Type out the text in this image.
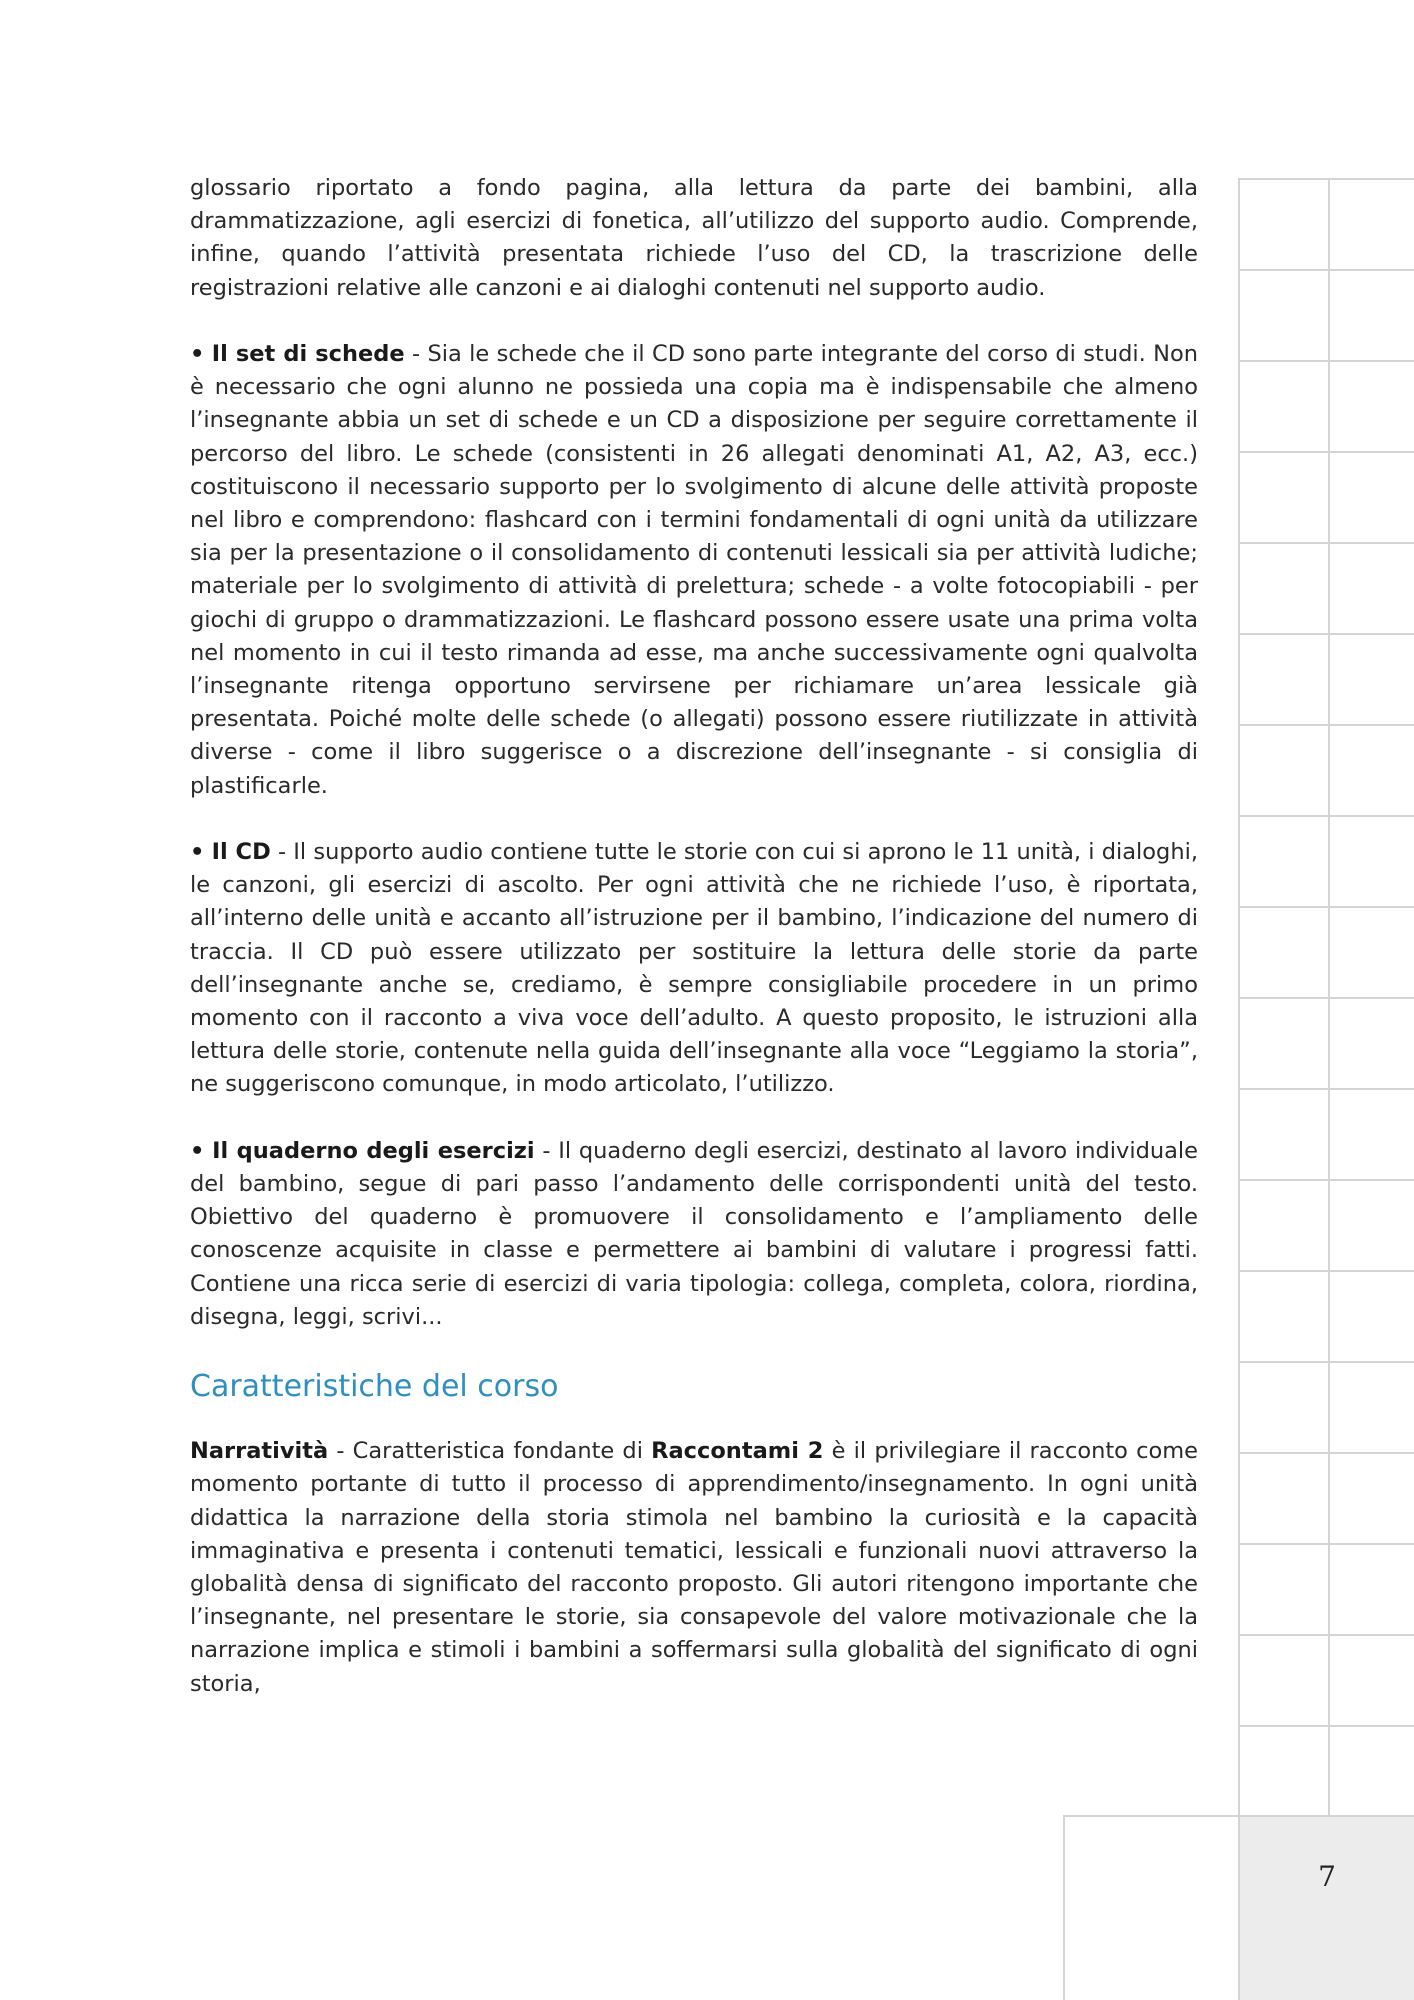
7

glossario riportato a fondo pagina, alla lettura da parte dei bambini, alla drammatizzazione, agli esercizi di fonetica, all’utilizzo del supporto audio. Comprende, infine, quando l’attività presentata richiede l’uso del CD, la trascrizione delle registrazioni relative alle canzoni e ai dialoghi contenuti nel supporto audio.

• Il set di schede - Sia le schede che il CD sono parte integrante del corso di studi. Non è necessario che ogni alunno ne possieda una copia ma è indispensabile che almeno l’insegnante abbia un set di schede e un CD a disposizione per seguire correttamente il percorso del libro. Le schede (consistenti in 26 allegati denominati A1, A2, A3, ecc.) costituiscono il necessario supporto per lo svolgimento di alcune delle attività proposte nel libro e comprendono: flashcard con i termini fondamentali di ogni unità da utilizzare sia per la presentazione o il consolidamento di contenuti lessicali sia per attività ludiche; materiale per lo svolgimento di attività di prelettura; schede - a volte fotocopiabili - per giochi di gruppo o drammatizzazioni. Le flashcard possono essere usate una prima volta nel momento in cui il testo rimanda ad esse, ma anche successivamente ogni qualvolta l’insegnante ritenga opportuno servirsene per richiamare un’area lessicale già presentata. Poiché molte delle schede (o allegati) possono essere riutilizzate in attività diverse - come il libro suggerisce o a discrezione dell’insegnante - si consiglia di plastificarle.

• Il CD - Il supporto audio contiene tutte le storie con cui si aprono le 11 unità, i dialoghi, le canzoni, gli esercizi di ascolto. Per ogni attività che ne richiede l’uso, è riportata, all’interno delle unità e accanto all’istruzione per il bambino, l’indicazione del numero di traccia. Il CD può essere utilizzato per sostituire la lettura delle storie da parte dell’insegnante anche se, crediamo, è sempre consigliabile procedere in un primo momento con il racconto a viva voce dell’adulto. A questo proposito, le istruzioni alla lettura delle storie, contenute nella guida dell’insegnante alla voce “Leggiamo la storia”, ne suggeriscono comunque, in modo articolato, l’utilizzo.

• Il quaderno degli esercizi - Il quaderno degli esercizi, destinato al lavoro individuale del bambino, segue di pari passo l’andamento delle corrispondenti unità del testo. Obiettivo del quaderno è promuovere il consolidamento e l’ampliamento delle conoscenze acquisite in classe e permettere ai bambini di valutare i progressi fatti. Contiene una ricca serie di esercizi di varia tipologia: collega, completa, colora, riordina, disegna, leggi, scrivi...

Caratteristiche del corso

Narratività - Caratteristica fondante di Raccontami 2 è il privilegiare il racconto come momento portante di tutto il processo di apprendimento/insegnamento. In ogni unità didattica la narrazione della storia stimola nel bambino la curiosità e la capacità immaginativa e presenta i contenuti tematici, lessicali e funzionali nuovi attraverso la globalità densa di significato del racconto proposto. Gli autori ritengono importante che l’insegnante, nel presentare le storie, sia consapevole del valore motivazionale che la narrazione implica e stimoli i bambini a soffermarsi sulla globalità del significato di ogni storia,
